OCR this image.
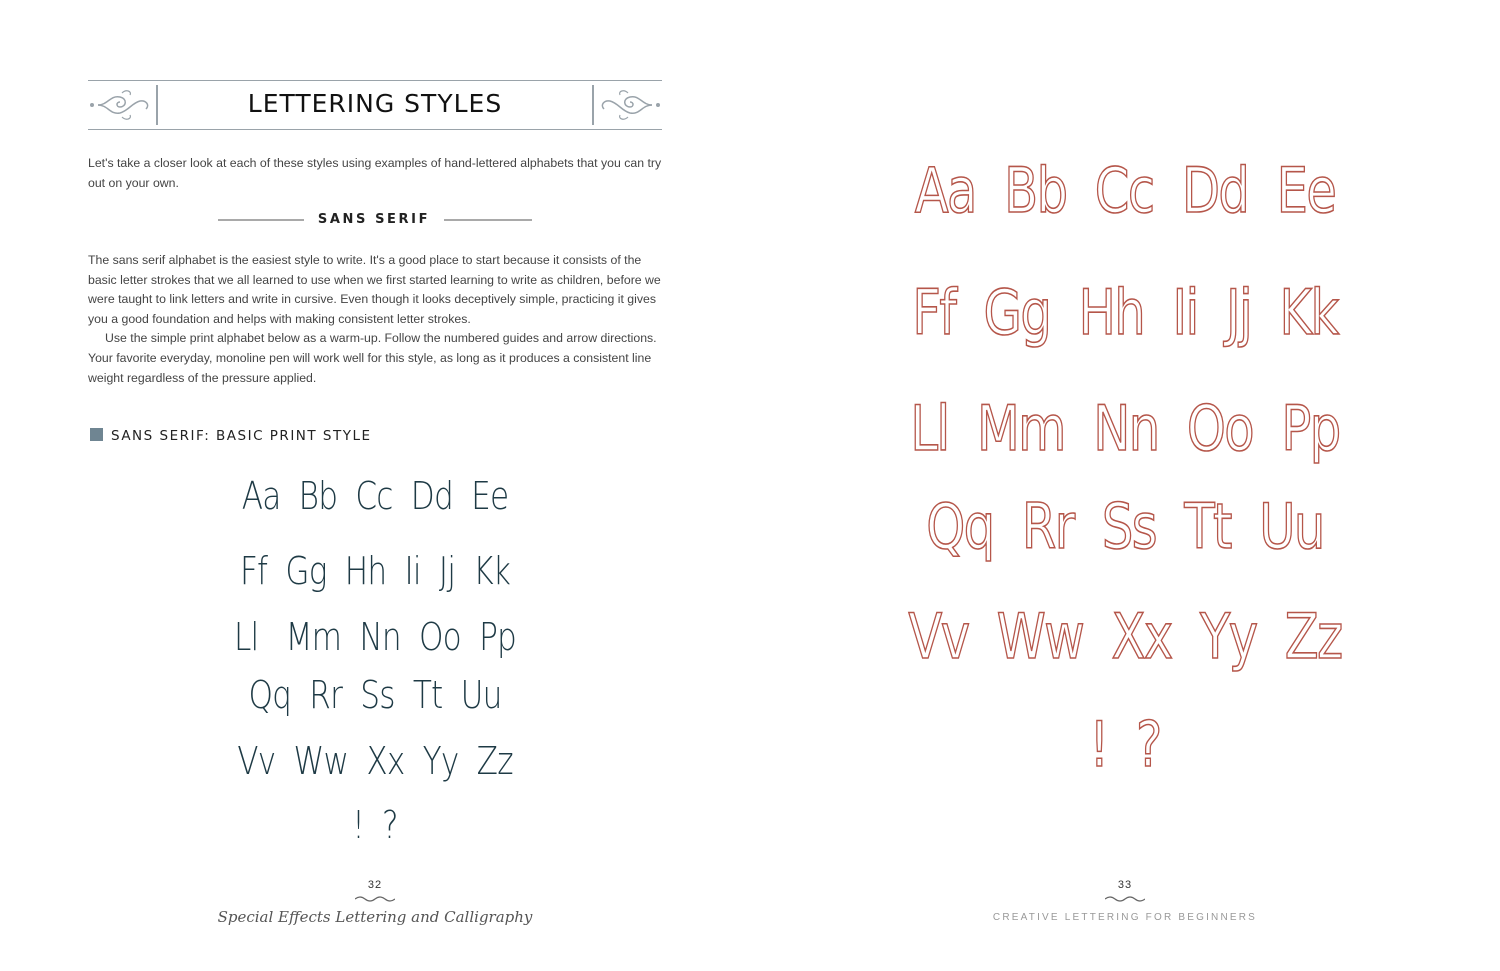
LETTERING STYLES

Let's take a closer look at each of these styles using examples of hand-lettered alphabets that you can try out on your own.

SANS SERIF

The sans serif alphabet is the easiest style to write. It's a good place to start because it consists of the basic letter strokes that we all learned to use when we first started learning to write as children, before we were taught to link letters and write in cursive. Even though it looks deceptively simple, practicing it gives you a good foundation and helps with making consistent letter strokes.

Use the simple print alphabet below as a warm-up. Follow the numbered guides and arrow directions. Your favorite everyday, monoline pen will work well for this style, as long as it produces a consistent line weight regardless of the pressure applied.

SANS SERIF: BASIC PRINT STYLE
Aa  Bb  Cc  Dd  Ee
Ff  Gg  Hh  Ii  Jj  Kk
Ll   Mm  Nn  Oo  Pp
Qq  Rr  Ss  Tt  Uu
Vv  Ww  Xx  Yy  Zz
!  ?
32
Special Effects Lettering and Calligraphy
Aa  Bb  Cc  Dd  Ee
Ff  Gg  Hh  Ii  Jj  Kk
Ll  Mm  Nn  Oo  Pp
Qq  Rr  Ss  Tt  Uu
Vv  Ww  Xx  Yy  Zz
!  ?
33
CREATIVE LETTERING FOR BEGINNERS
